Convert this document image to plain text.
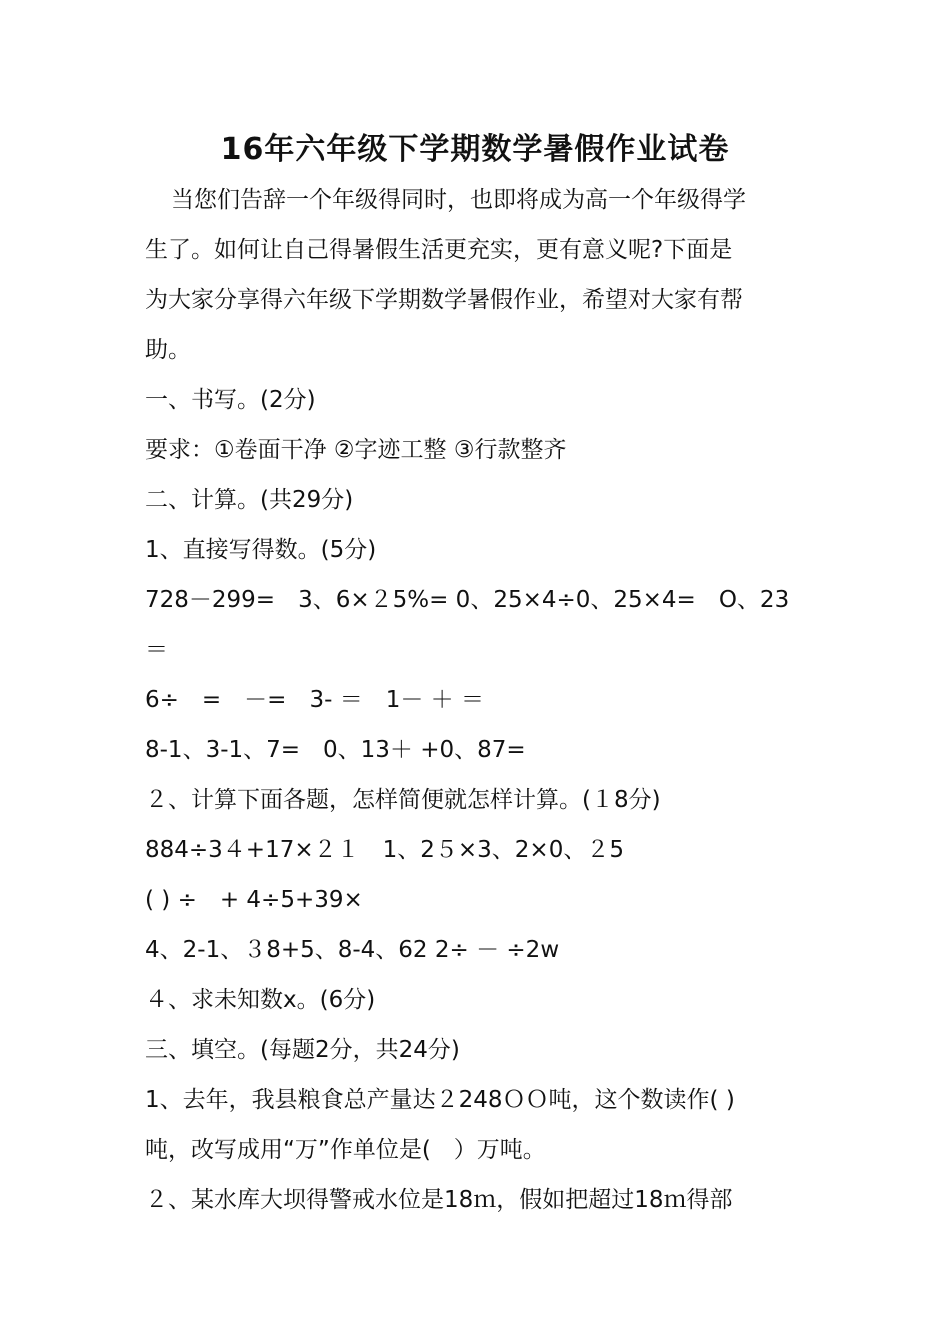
16年六年级下学期数学暑假作业试卷
当您们告辞一个年级得同时，也即将成为高一个年级得学
生了。如何让自己得暑假生活更充实，更有意义呢?下面是
为大家分享得六年级下学期数学暑假作业，希望对大家有帮
助。
一、书写。(2分)
要求：①卷面干净 ②字迹工整 ③行款整齐
二、计算。(共29分)
1、直接写得数。(5分)
728－299=　3、6×２5%= 0、25×4÷0、25×4=　O、23
＝
6÷　=　－=　3- ＝　1－ ＋ ＝
8-1、3-1、7=　0、13＋ +0、87=
２、计算下面各题，怎样简便就怎样计算。(１8分)
884÷3４+17×２１　1、2５×3、2×0、２5
( ) ÷　+ 4÷5+39×
4、2-1、３8+5、8-4、62 2÷ － ÷2w
４、求未知数x。(6分)
三、填空。(每题2分，共24分)
1、去年，我县粮食总产量达２248ＯＯ吨，这个数读作( )
吨，改写成用“万”作单位是(　）万吨。
２、某水库大坝得警戒水位是18ｍ，假如把超过18ｍ得部
